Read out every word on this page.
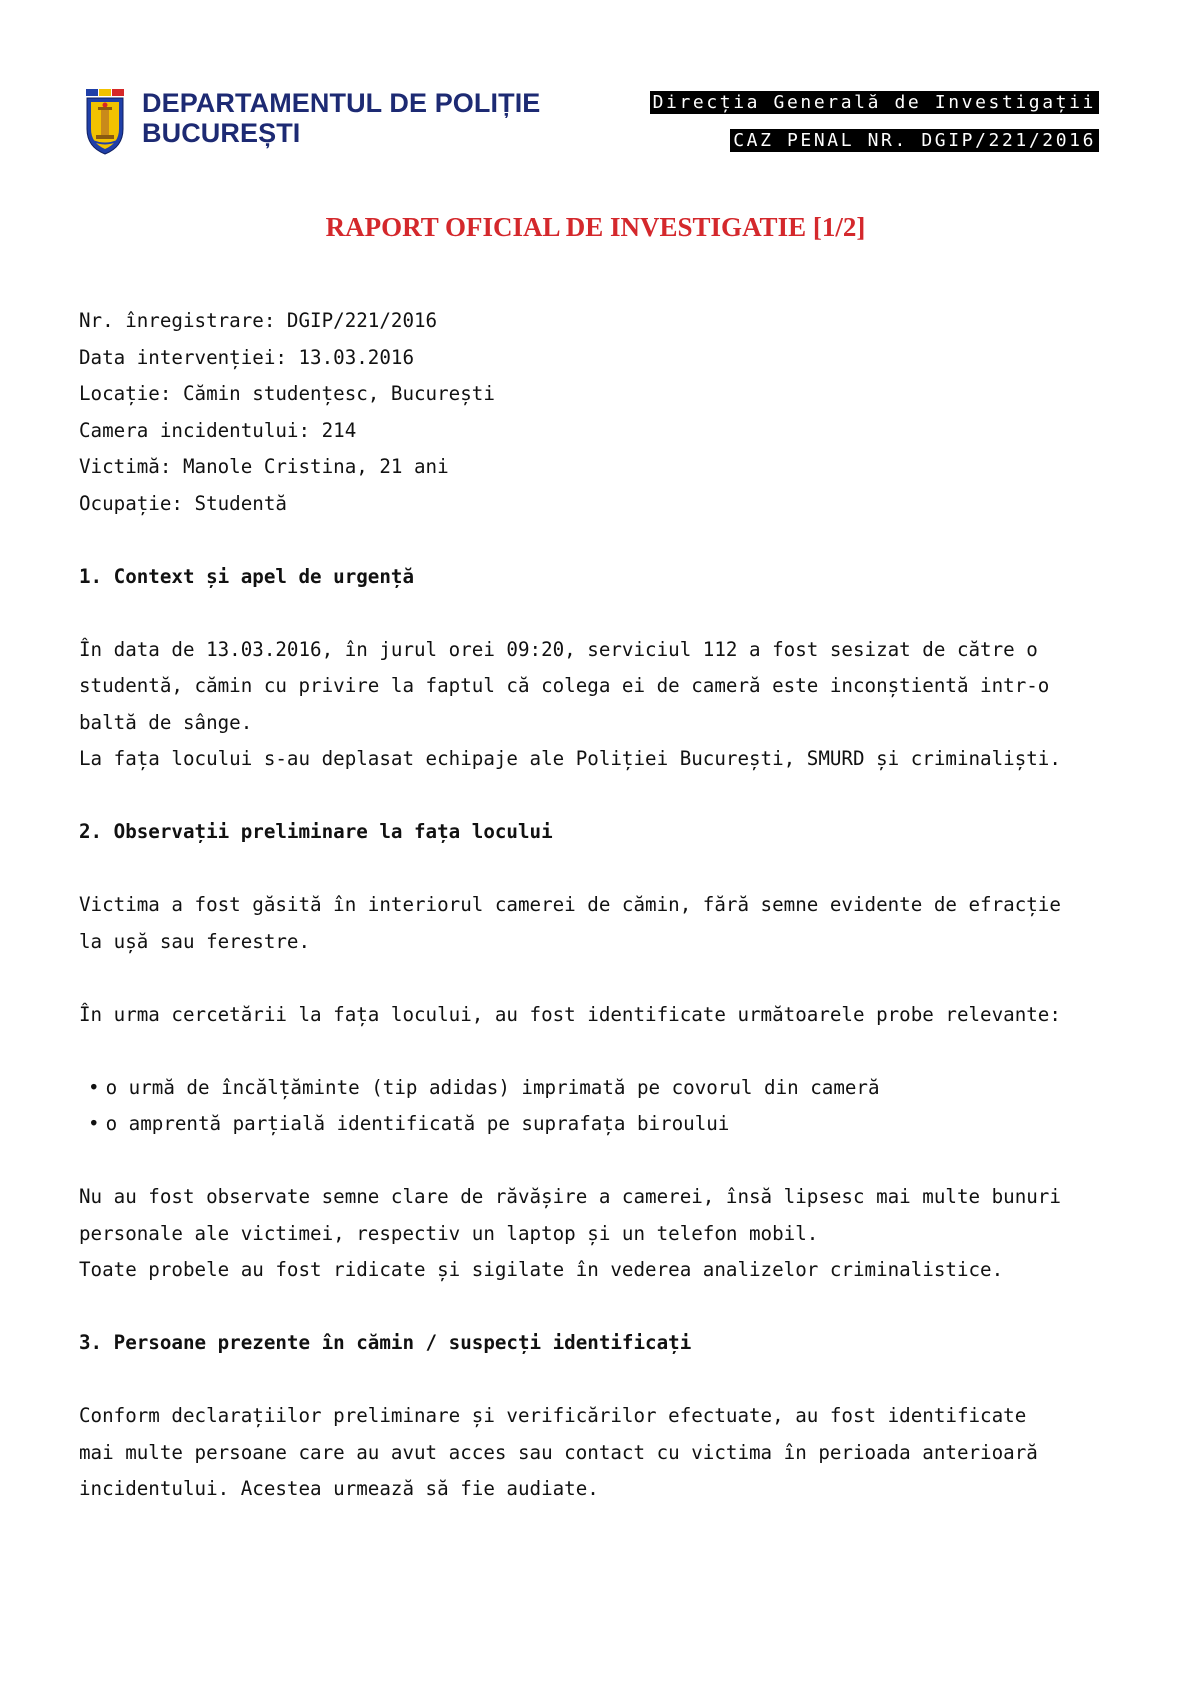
DEPARTAMENTUL DE POLIȚIE
BUCUREȘTI
Direcția Generală de Investigații
CAZ PENAL NR. DGIP/221/2016
RAPORT OFICIAL DE INVESTIGATIE [1/2]

Nr. înregistrare: DGIP/221/2016

Data intervenției: 13.03.2016

Locație: Cămin studențesc, București

Camera incidentului: 214

Victimă: Manole Cristina, 21 ani

Ocupație: Studentă

1. Context și apel de urgență

În data de 13.03.2016, în jurul orei 09:20, serviciul 112 a fost sesizat de către o

studentă, cămin cu privire la faptul că colega ei de cameră este inconștientă intr-o

baltă de sânge.

La fața locului s-au deplasat echipaje ale Poliției București, SMURD și criminaliști.

2. Observații preliminare la fața locului

Victima a fost găsită în interiorul camerei de cămin, fără semne evidente de efracție

la ușă sau ferestre.

În urma cercetării la fața locului, au fost identificate următoarele probe relevante:

• o urmă de încălțăminte (tip adidas) imprimată pe covorul din cameră
• o amprentă parțială identificată pe suprafața biroului

Nu au fost observate semne clare de răvășire a camerei, însă lipsesc mai multe bunuri

personale ale victimei, respectiv un laptop și un telefon mobil.

Toate probele au fost ridicate și sigilate în vederea analizelor criminalistice.

3. Persoane prezente în cămin / suspecți identificați

Conform declarațiilor preliminare și verificărilor efectuate, au fost identificate

mai multe persoane care au avut acces sau contact cu victima în perioada anterioară

incidentului. Acestea urmează să fie audiate.
